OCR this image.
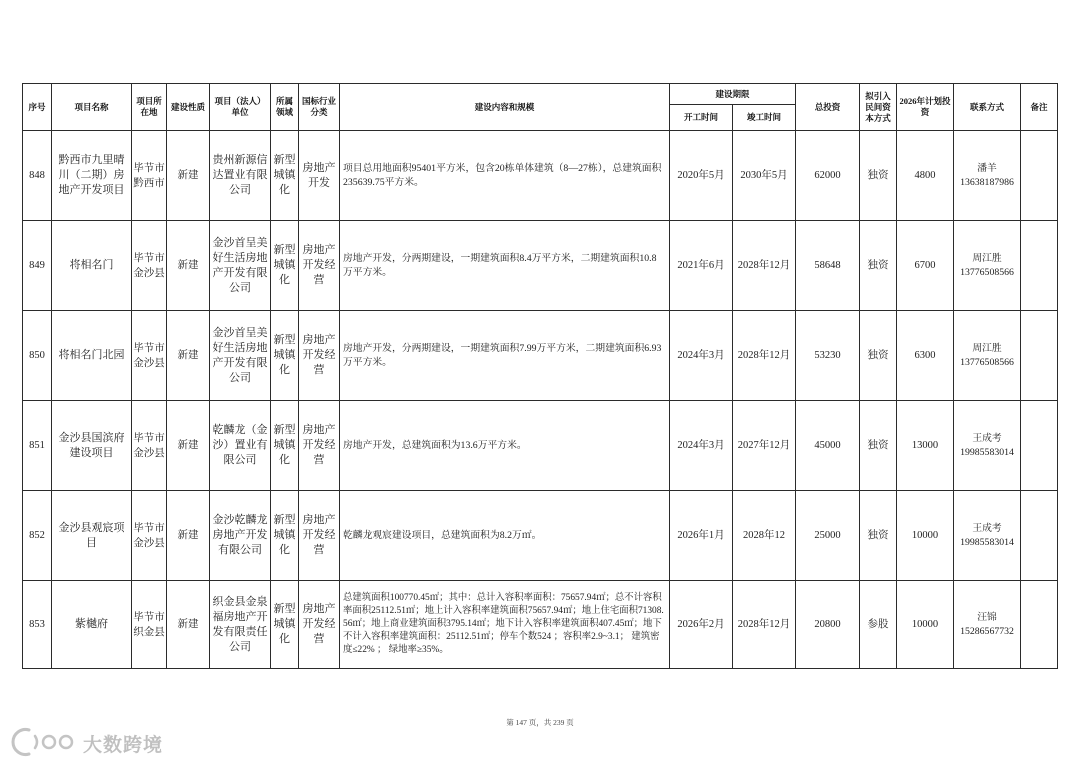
序号	项目名称	项目所在地	建设性质	项目（法人）单位	所属领域	国标行业分类	建设内容和规模	建设期限		总投资	拟引入民间资本方式	2026年计划投资	联系方式	备注
								开工时间	竣工时间					
848	黔西市九里晴川（二期）房地产开发项目	毕节市黔西市	新建	贵州新源信达置业有限公司	新型城镇化	房地产开发	项目总用地面积95401平方米，包含20栋单体建筑（8—27栋），总建筑面积235639.75平方米。	2020年5月	2030年5月	62000	独资	4800	潘羊
13638187986	

849	将相名门	毕节市金沙县	新建	金沙首呈美好生活房地产开发有限公司	新型城镇化	房地产开发经营	房地产开发，分两期建设，一期建筑面积8.4万平方米，二期建筑面积10.8万平方米。	2021年6月	2028年12月	58648	独资	6700	周江胜
13776508566	

850	将相名门北园	毕节市金沙县	新建	金沙首呈美好生活房地产开发有限公司	新型城镇化	房地产开发经营	房地产开发，分两期建设，一期建筑面积7.99万平方米，二期建筑面积6.93万平方米。	2024年3月	2028年12月	53230	独资	6300	周江胜
13776508566	

851	金沙县国滨府建设项目	毕节市金沙县	新建	乾麟龙（金沙）置业有限公司	新型城镇化	房地产开发经营	房地产开发，总建筑面积为13.6万平方米。	2024年3月	2027年12月	45000	独资	13000	王成考
19985583014	

852	金沙县观宸项目	毕节市金沙县	新建	金沙乾麟龙房地产开发有限公司	新型城镇化	房地产开发经营	乾麟龙观宸建设项目，总建筑面积为8.2万㎡。	2026年1月	2028年12	25000	独资	10000	王成考
19985583014	

853	紫樾府	毕节市织金县	新建	织金县金泉福房地产开发有限责任公司	新型城镇化	房地产开发经营	总建筑面积100770.45㎡；其中：总计入容积率面积：75657.94㎡；总不计容积率面积25112.51㎡；地上计入容积率建筑面积75657.94㎡；地上住宅面积71308.56㎡；地上商业建筑面积3795.14㎡；地下计入容积率建筑面积407.45㎡；地下不计入容积率建筑面积：25112.51㎡；停车个数524 ；容积率2.9~3.1； 建筑密度≤22% ； 绿地率≥35%。	2026年2月	2028年12月	20800	参股	10000	汪锦
15286567732	

第 147 页，共 239 页
大数跨境
